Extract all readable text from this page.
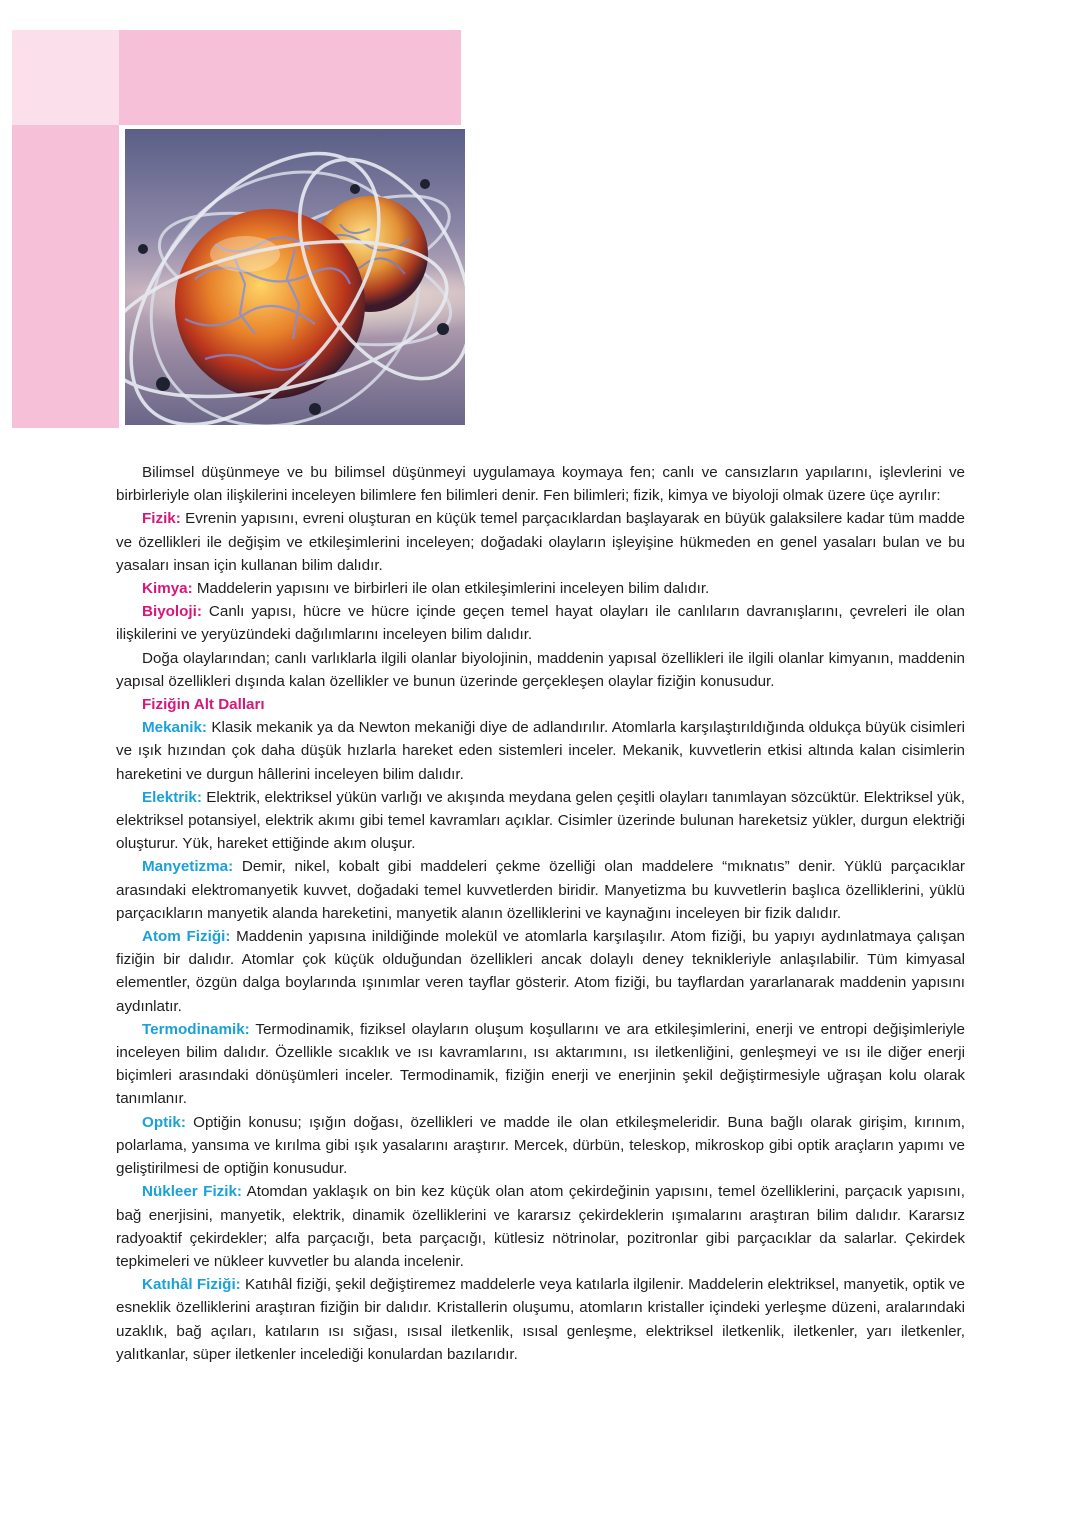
Bilimsel düşünmeye ve bu bilimsel düşünmeyi uygulamaya koymaya fen; canlı ve cansızların yapılarını, işlevlerini ve birbirleriyle olan ilişkilerini inceleyen bilimlere fen bilimleri denir. Fen bilimleri; fizik, kimya ve biyoloji olmak üzere üçe ayrılır:

Fizik: Evrenin yapısını, evreni oluşturan en küçük temel parçacıklardan başlayarak en büyük galaksilere kadar tüm madde ve özellikleri ile değişim ve etkileşimlerini inceleyen; doğadaki olayların işleyişine hükmeden en genel yasaları bulan ve bu yasaları insan için kullanan bilim dalıdır.

Kimya: Maddelerin yapısını ve birbirleri ile olan etkileşimlerini inceleyen bilim dalıdır.

Biyoloji: Canlı yapısı, hücre ve hücre içinde geçen temel hayat olayları ile canlıların davranışlarını, çevreleri ile olan ilişkilerini ve yeryüzündeki dağılımlarını inceleyen bilim dalıdır.

Doğa olaylarından; canlı varlıklarla ilgili olanlar biyolojinin, maddenin yapısal özellikleri ile ilgili olanlar kimyanın, maddenin yapısal özellikleri dışında kalan özellikler ve bunun üzerinde gerçekleşen olaylar fiziğin konusudur.

Fiziğin Alt Dalları

Mekanik: Klasik mekanik ya da Newton mekaniği diye de adlandırılır. Atomlarla karşılaştırıldığında oldukça büyük cisimleri ve ışık hızından çok daha düşük hızlarla hareket eden sistemleri inceler. Mekanik, kuvvetlerin etkisi altında kalan cisimlerin hareketini ve durgun hâllerini inceleyen bilim dalıdır.

Elektrik: Elektrik, elektriksel yükün varlığı ve akışında meydana gelen çeşitli olayları tanımlayan sözcüktür. Elektriksel yük, elektriksel potansiyel, elektrik akımı gibi temel kavramları açıklar. Cisimler üzerinde bulunan hareketsiz yükler, durgun elektriği oluşturur. Yük, hareket ettiğinde akım oluşur.

Manyetizma: Demir, nikel, kobalt gibi maddeleri çekme özelliği olan maddelere “mıknatıs” denir. Yüklü parçacıklar arasındaki elektromanyetik kuvvet, doğadaki temel kuvvetlerden biridir. Manyetizma bu kuvvetlerin başlıca özelliklerini, yüklü parçacıkların manyetik alanda hareketini, manyetik alanın özelliklerini ve kaynağını inceleyen bir fizik dalıdır.

Atom Fiziği: Maddenin yapısına inildiğinde molekül ve atomlarla karşılaşılır. Atom fiziği, bu yapıyı aydınlatmaya çalışan fiziğin bir dalıdır. Atomlar çok küçük olduğundan özellikleri ancak dolaylı deney teknikleriyle anlaşılabilir. Tüm kimyasal elementler, özgün dalga boylarında ışınımlar veren tayflar gösterir. Atom fiziği, bu tayflardan yararlanarak maddenin yapısını aydınlatır.

Termodinamik: Termodinamik, fiziksel olayların oluşum koşullarını ve ara etkileşimlerini, enerji ve entropi değişimleriyle inceleyen bilim dalıdır. Özellikle sıcaklık ve ısı kavramlarını, ısı aktarımını, ısı iletkenliğini, genleşmeyi ve ısı ile diğer enerji biçimleri arasındaki dönüşümleri inceler. Termodinamik, fiziğin enerji ve enerjinin şekil değiştirmesiyle uğraşan kolu olarak tanımlanır.

Optik: Optiğin konusu; ışığın doğası, özellikleri ve madde ile olan etkileşmeleridir. Buna bağlı olarak girişim, kırınım, polarlama, yansıma ve kırılma gibi ışık yasalarını araştırır. Mercek, dürbün, teleskop, mikroskop gibi optik araçların yapımı ve geliştirilmesi de optiğin konusudur.

Nükleer Fizik: Atomdan yaklaşık on bin kez küçük olan atom çekirdeğinin yapısını, temel özelliklerini, parçacık yapısını, bağ enerjisini, manyetik, elektrik, dinamik özelliklerini ve kararsız çekirdeklerin ışımalarını araştıran bilim dalıdır. Kararsız radyoaktif çekirdekler; alfa parçacığı, beta parçacığı, kütlesiz nötrinolar, pozitronlar gibi parçacıklar da salarlar. Çekirdek tepkimeleri ve nükleer kuvvetler bu alanda incelenir.

Katıhâl Fiziği: Katıhâl fiziği, şekil değiştiremez maddelerle veya katılarla ilgilenir. Maddelerin elektriksel, manyetik, optik ve esneklik özelliklerini araştıran fiziğin bir dalıdır. Kristallerin oluşumu, atomların kristaller içindeki yerleşme düzeni, aralarındaki uzaklık, bağ açıları, katıların ısı sığası, ısısal iletkenlik, ısısal genleşme, elektriksel iletkenlik, iletkenler, yarı iletkenler, yalıtkanlar, süper iletkenler incelediği konulardan bazılarıdır.
